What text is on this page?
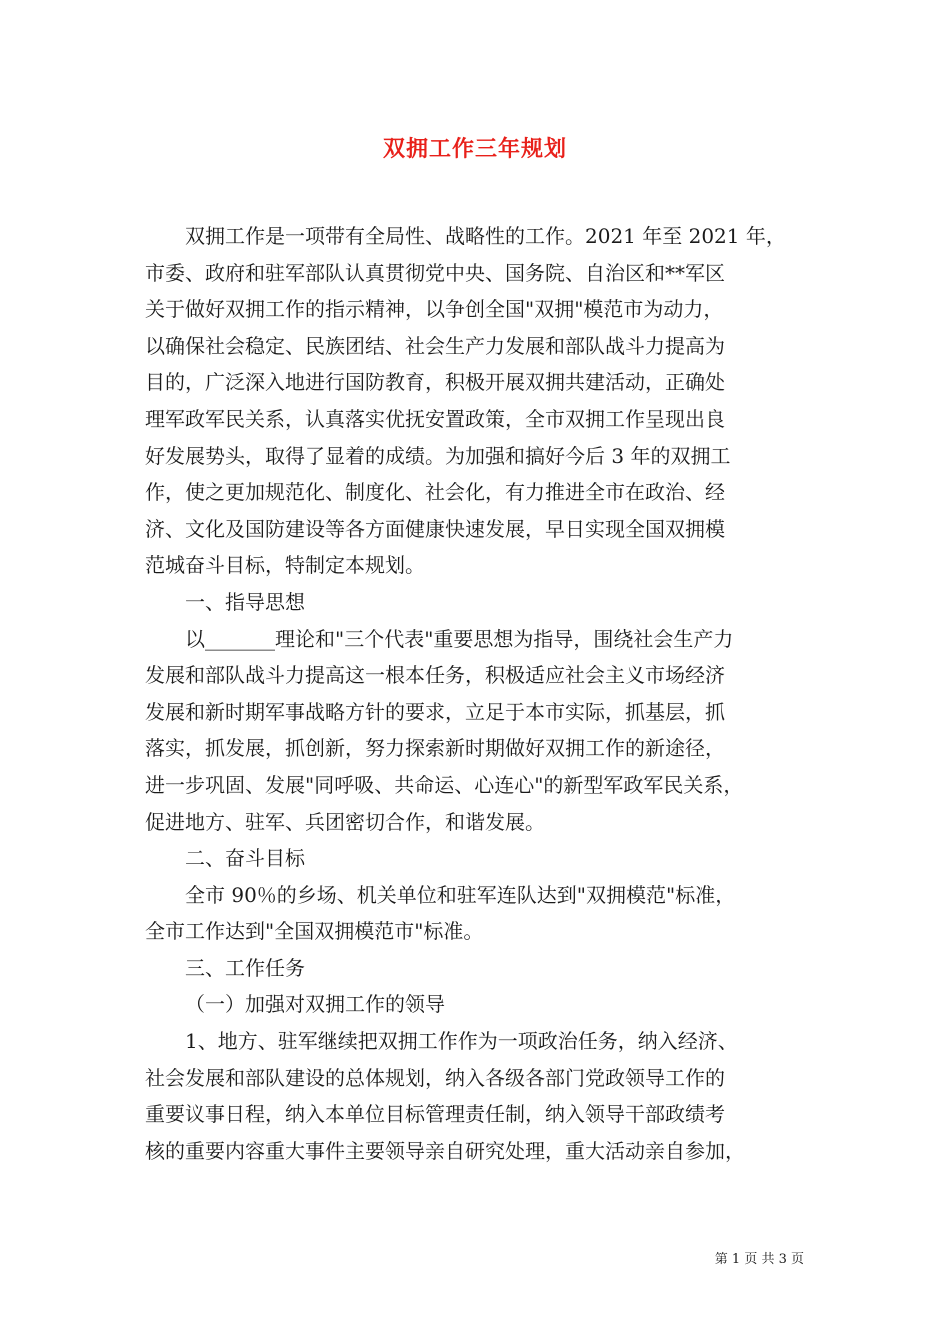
双拥工作三年规划
双拥工作是一项带有全局性、战略性的工作。2021 年至 2021 年，
市委、政府和驻军部队认真贯彻党中央、国务院、自治区和**军区
关于做好双拥工作的指示精神，以争创全国"双拥"模范市为动力，
以确保社会稳定、民族团结、社会生产力发展和部队战斗力提高为
目的，广泛深入地进行国防教育，积极开展双拥共建活动，正确处
理军政军民关系，认真落实优抚安置政策，全市双拥工作呈现出良
好发展势头，取得了显着的成绩。为加强和搞好今后 3 年的双拥工
作，使之更加规范化、制度化、社会化，有力推进全市在政治、经
济、文化及国防建设等各方面健康快速发展，早日实现全国双拥模
范城奋斗目标，特制定本规划。
一、指导思想
以_______理论和"三个代表"重要思想为指导，围绕社会生产力
发展和部队战斗力提高这一根本任务，积极适应社会主义市场经济
发展和新时期军事战略方针的要求，立足于本市实际，抓基层，抓
落实，抓发展，抓创新，努力探索新时期做好双拥工作的新途径，
进一步巩固、发展"同呼吸、共命运、心连心"的新型军政军民关系，
促进地方、驻军、兵团密切合作，和谐发展。
二、奋斗目标
全市 90％的乡场、机关单位和驻军连队达到"双拥模范"标准，
全市工作达到"全国双拥模范市"标准。
三、工作任务
（一）加强对双拥工作的领导
1、地方、驻军继续把双拥工作作为一项政治任务，纳入经济、
社会发展和部队建设的总体规划，纳入各级各部门党政领导工作的
重要议事日程，纳入本单位目标管理责任制，纳入领导干部政绩考
核的重要内容重大事件主要领导亲自研究处理，重大活动亲自参加，
第 1 页 共 3 页
